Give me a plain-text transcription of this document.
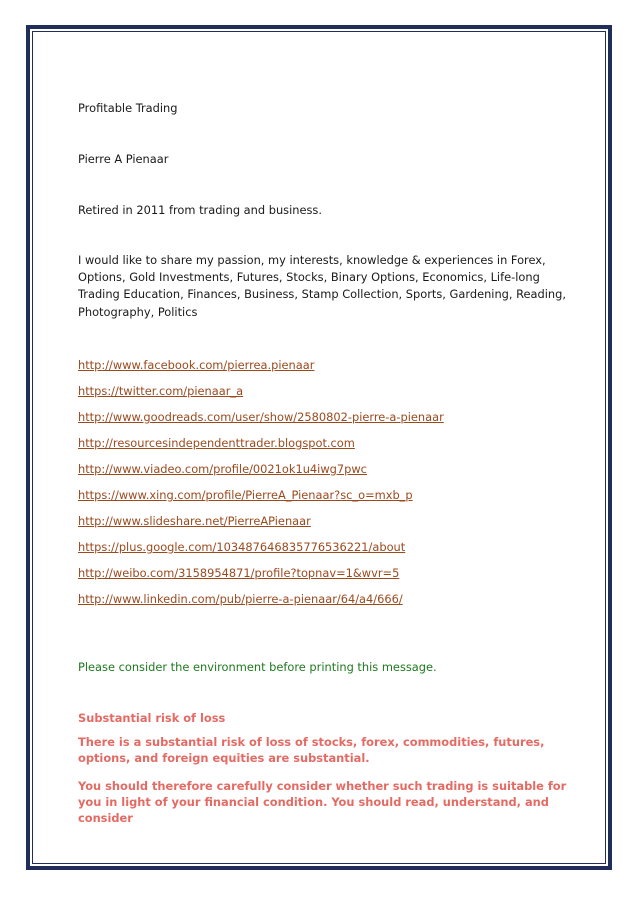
Profitable Trading

Pierre A Pienaar

Retired in 2011 from trading and business.

I would like to share my passion, my interests, knowledge & experiences in Forex, Options, Gold Investments, Futures, Stocks, Binary Options, Economics, Life-long Trading Education, Finances, Business, Stamp Collection, Sports, Gardening, Reading, Photography, Politics

http://www.facebook.com/pierrea.pienaar
https://twitter.com/pienaar_a
http://www.goodreads.com/user/show/2580802-pierre-a-pienaar
http://resourcesindependenttrader.blogspot.com
http://www.viadeo.com/profile/0021ok1u4iwg7pwc
https://www.xing.com/profile/PierreA_Pienaar?sc_o=mxb_p
http://www.slideshare.net/PierreAPienaar
https://plus.google.com/103487646835776536221/about
http://weibo.com/3158954871/profile?topnav=1&wvr=5
http://www.linkedin.com/pub/pierre-a-pienaar/64/a4/666/

Please consider the environment before printing this message.

Substantial risk of loss

There is a substantial risk of loss of stocks, forex, commodities, futures, options, and foreign equities are substantial.

You should therefore carefully consider whether such trading is suitable for you in light of your financial condition. You should read, understand, and consider
